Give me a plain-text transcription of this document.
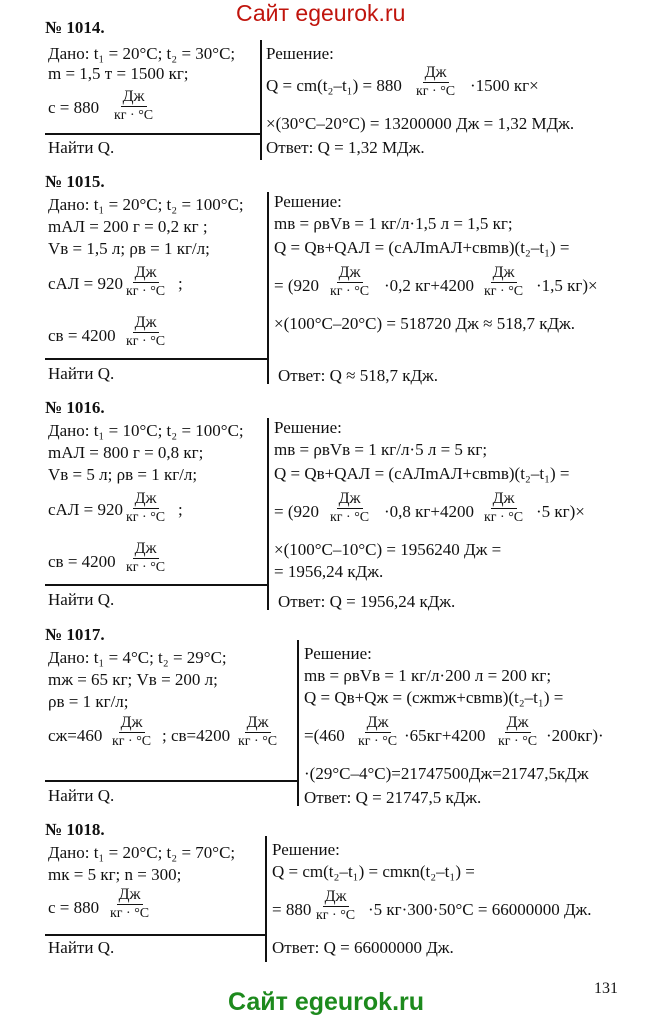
Сайт egeurok.ru
№ 1014.
Дано: t₁ = 20°C; t₂ = 30°C;
m = 1,5 т = 1500 кг;
c = 880
Дж
кг · °С
Найти Q.
Решение:
Q = cm(t₂–t₁) = 880
Дж
кг · °С ·1500 кг×
×(30°C–20°C) = 13200000 Дж = 1,32 МДж.
Ответ: Q = 1,32 МДж.
№ 1015.
Дано: t₁ = 20°C; t₂ = 100°C;
mАЛ = 200 г = 0,2 кг ;
Vв = 1,5 л; ρв = 1 кг/л;
cАЛ = 920
Дж
кг · °С ;
cв = 4200
Дж
кг · °С
Найти Q.
Решение:
mв = ρвVв = 1 кг/л·1,5 л = 1,5 кг;
Q = Qв+QАЛ = (cАЛmАЛ+cвmв)(t₂–t₁) =
= (920
Дж
кг · °С ·0,2 кг+4200
Дж
кг · °С ·1,5 кг)×
×(100°C–20°C) = 518720 Дж ≈ 518,7 кДж.
Ответ: Q ≈ 518,7 кДж.
№ 1016.
Дано: t₁ = 10°C; t₂ = 100°C;
mАЛ = 800 г = 0,8 кг;
Vв = 5 л; ρв = 1 кг/л;
cАЛ = 920
Дж
кг · °С ;
cв = 4200
Дж
кг · °С
Найти Q.
Решение:
mв = ρвVв = 1 кг/л·5 л = 5 кг;
Q = Qв+QАЛ = (cАЛmАЛ+cвmв)(t₂–t₁) =
= (920
Дж
кг · °С ·0,8 кг+4200
Дж
кг · °С ·5 кг)×
×(100°C–10°C) = 1956240 Дж =
= 1956,24 кДж.
Ответ: Q = 1956,24 кДж.
№ 1017.
Дано: t₁ = 4°C; t₂ = 29°C;
mж = 65 кг; Vв = 200 л;
ρв = 1 кг/л;
cж=460
Дж
кг · °С ; cв=4200
Дж
кг · °С
Найти Q.
Решение:
mв = ρвVв = 1 кг/л·200 л = 200 кг;
Q = Qв+Qж = (cжmж+cвmв)(t₂–t₁) =
=(460
Дж
кг · °С ·65кг+4200
Дж
кг · °С ·200кг)·
·(29°C–4°C)=21747500Дж=21747,5кДж
Ответ: Q = 21747,5 кДж.
№ 1018.
Дано: t₁ = 20°C; t₂ = 70°C;
mк = 5 кг; n = 300;
c = 880
Дж
кг · °С
Найти Q.
Решение:
Q = cm(t₂–t₁) = cmкn(t₂–t₁) =
= 880
Дж
кг · °С ·5 кг·300·50°C = 66000000 Дж.
Ответ: Q = 66000000 Дж.
131
Сайт egeurok.ru
